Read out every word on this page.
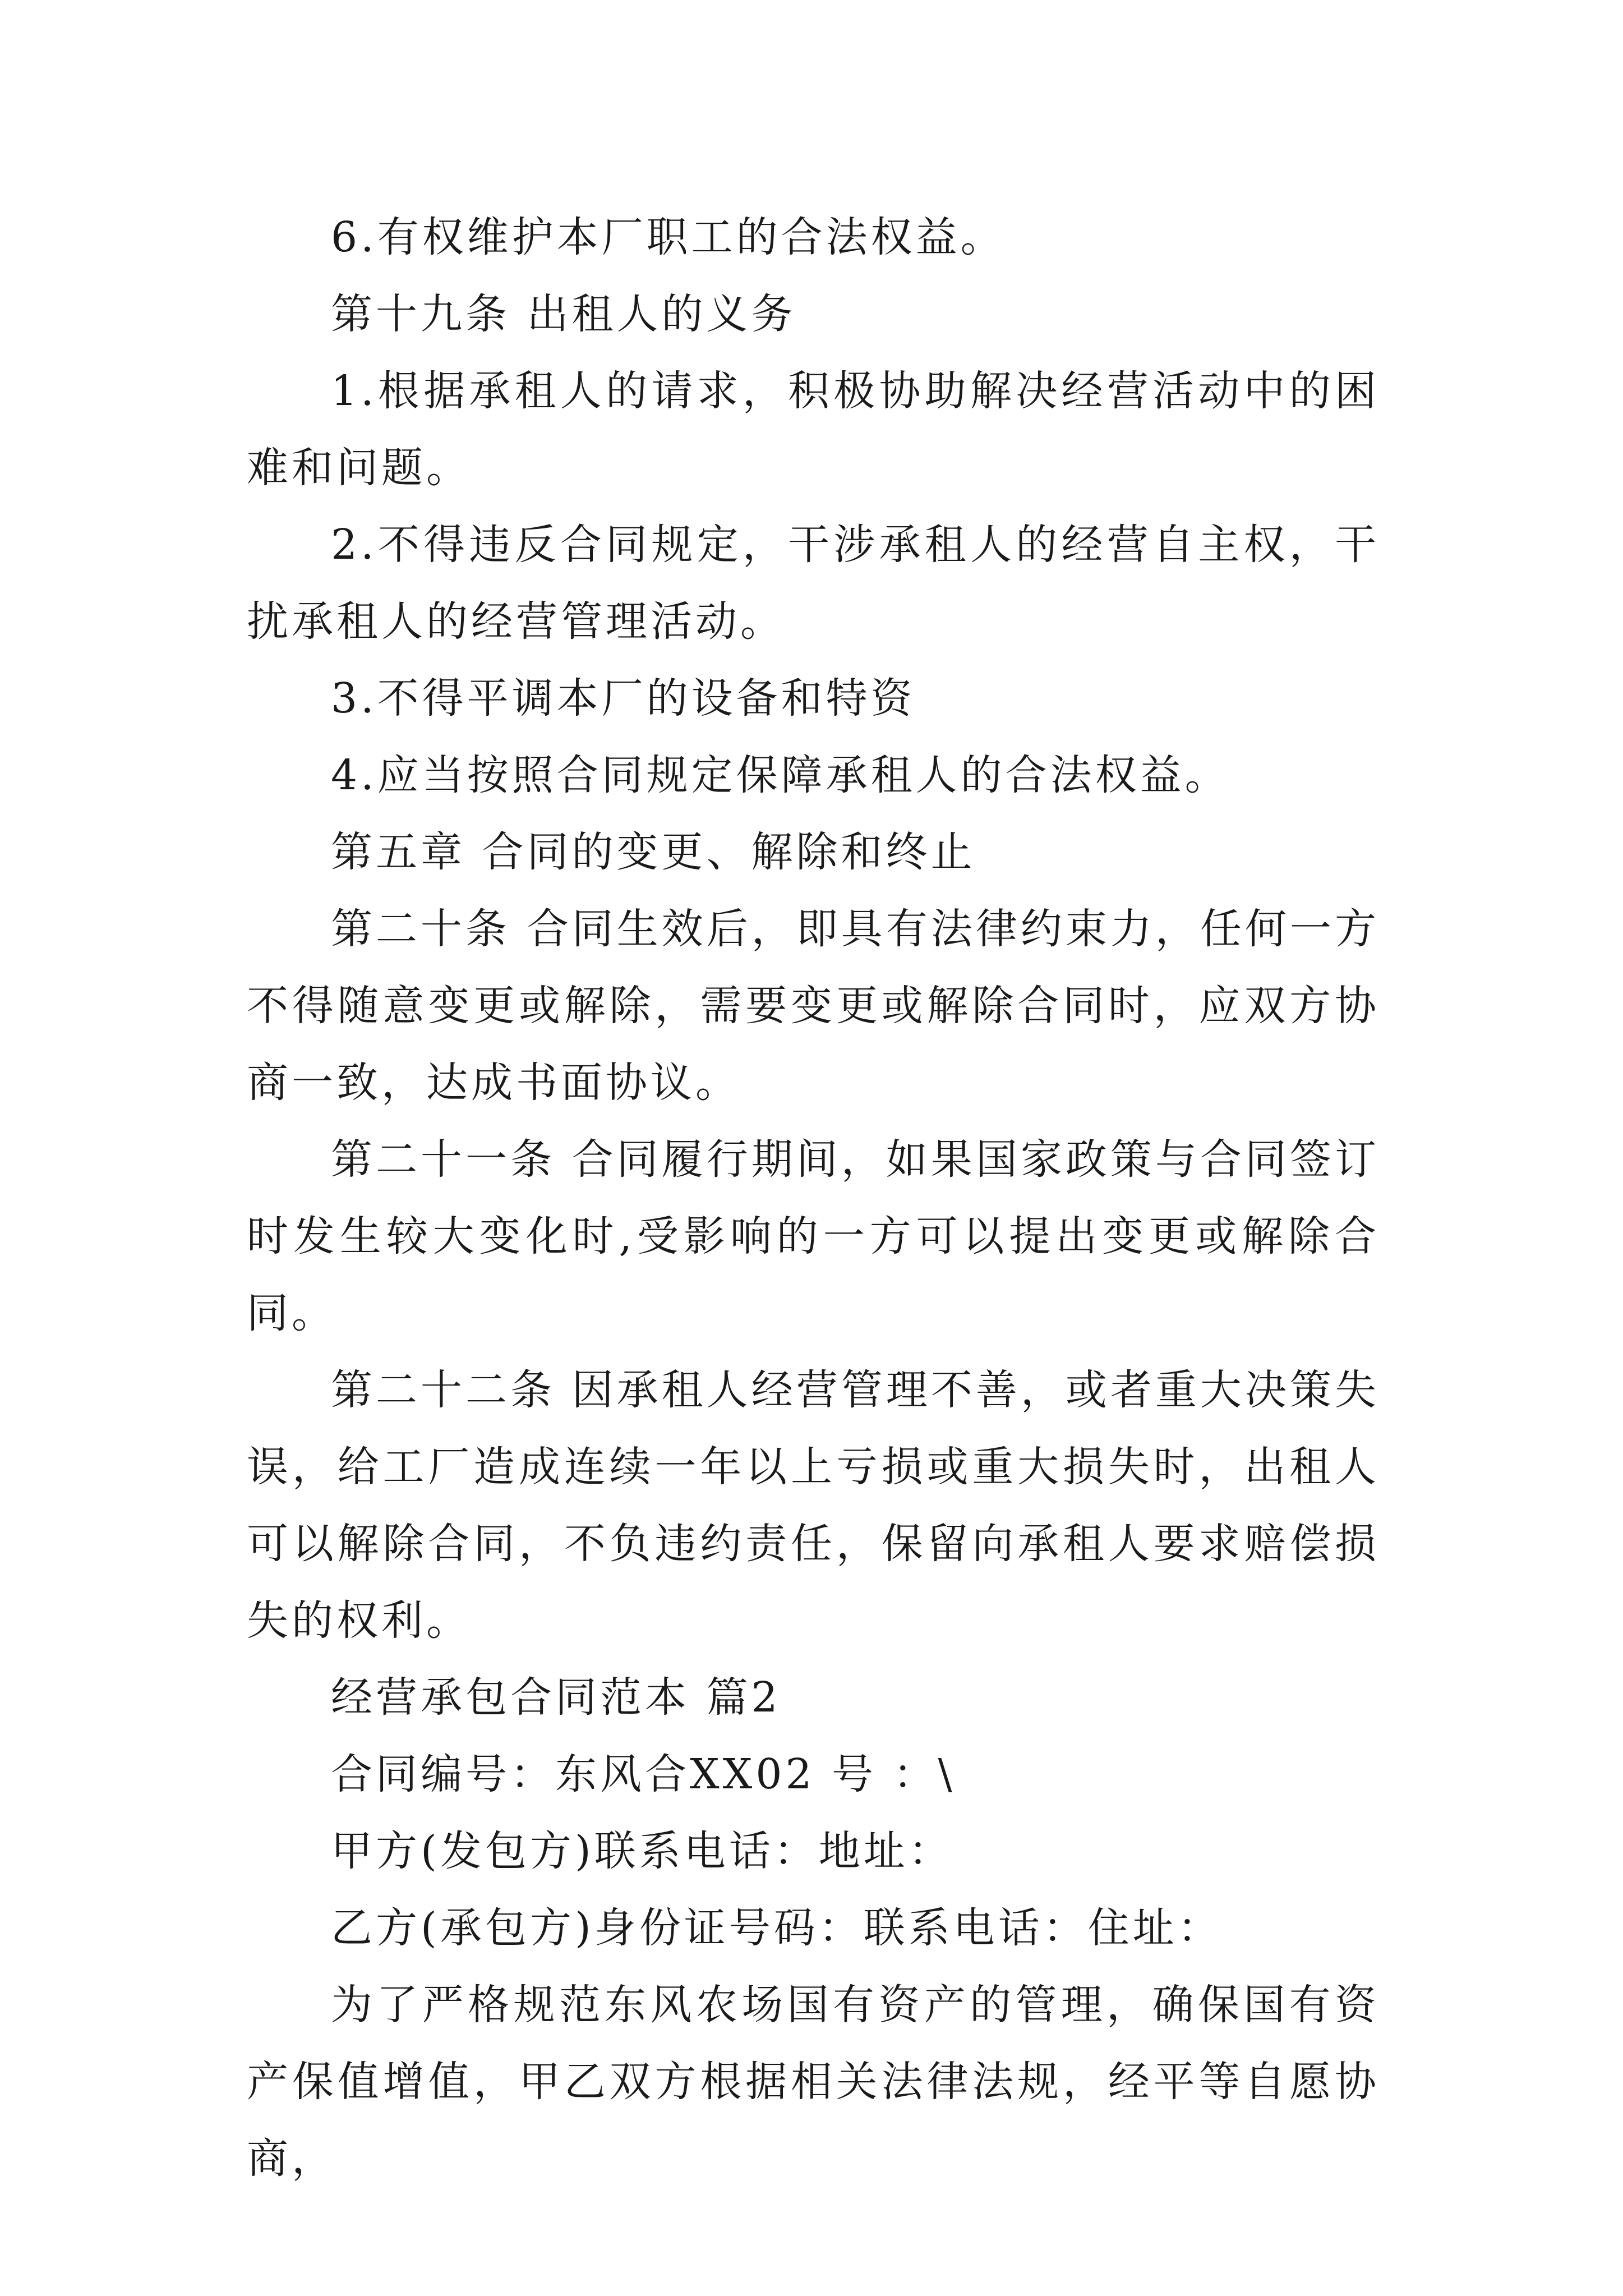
6.有权维护本厂职工的合法权益。

第十九条 出租人的义务

1.根据承租人的请求，积极协助解决经营活动中的困难和问题。

2.不得违反合同规定，干涉承租人的经营自主权，干扰承租人的经营管理活动。

3.不得平调本厂的设备和特资

4.应当按照合同规定保障承租人的合法权益。

第五章 合同的变更、解除和终止

第二十条 合同生效后，即具有法律约束力，任何一方不得随意变更或解除，需要变更或解除合同时，应双方协商一致，达成书面协议。

第二十一条 合同履行期间，如果国家政策与合同签订时发生较大变化时,受影响的一方可以提出变更或解除合同。

第二十二条 因承租人经营管理不善，或者重大决策失误，给工厂造成连续一年以上亏损或重大损失时，出租人可以解除合同，不负违约责任，保留向承租人要求赔偿损失的权利。

经营承包合同范本 篇2

合同编号：东风合XX02 号 ：\

甲方(发包方)联系电话：地址：

乙方(承包方)身份证号码：联系电话：住址：

为了严格规范东风农场国有资产的管理，确保国有资产保值增值，甲乙双方根据相关法律法规，经平等自愿协商，
